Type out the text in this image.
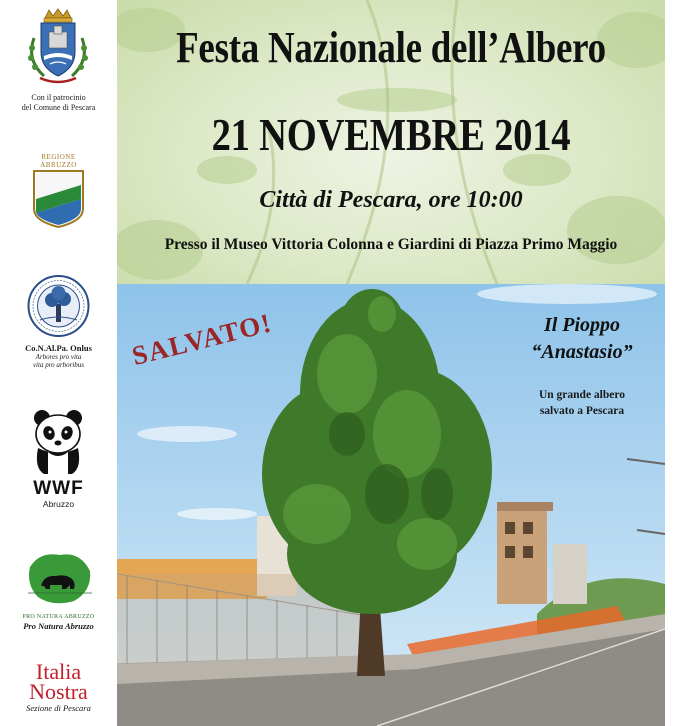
Con il patrocinio
del Comune di Pescara
REGIONE
ABRUZZO
Co.N.Al.Pa. Onlus
Arbores pro vita
vita pro arboribus
WWF
Abruzzo
PRO NATURA ABRUZZO
Pro Natura Abruzzo
Italia
Nostra
Sezione di Pescara
Festa Nazionale dell’Albero
21 NOVEMBRE 2014
Città di Pescara, ore 10:00
Presso il Museo Vittoria Colonna e Giardini di Piazza Primo Maggio
SALVATO!	Il Pioppo
“Anastasio”
Un grande albero
salvato a Pescara
